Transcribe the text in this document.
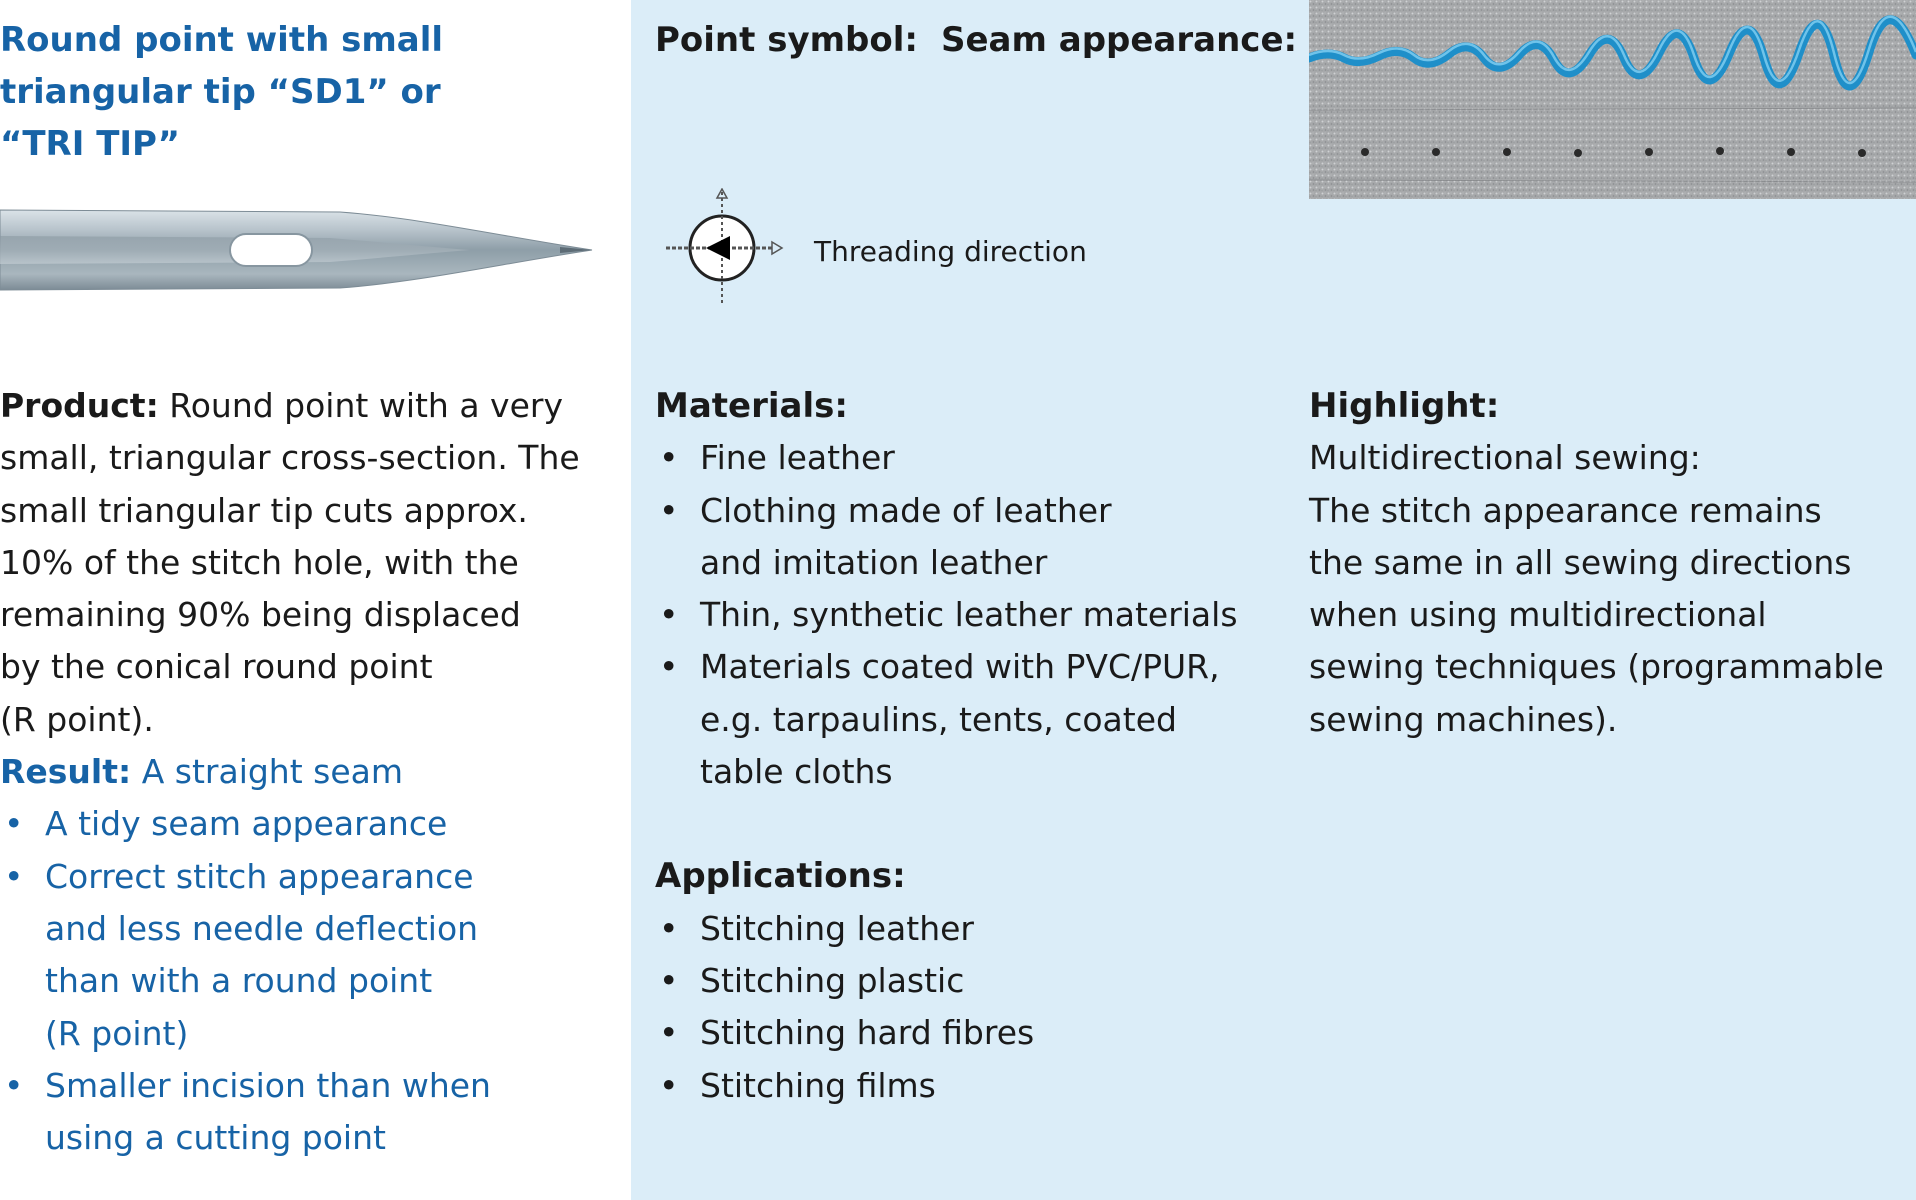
Round point with small
triangular tip “SD1” or
“TRI TIP”
Product: Round point with a very
small, triangular cross-section. The
small triangular tip cuts approx.
10% of the stitch hole, with the
remaining 90% being displaced
by the conical round point
(R point).
Result: A straight seam
• A tidy seam appearance
• Correct stitch appearance
and less needle deflection
than with a round point
(R point)
• Smaller incision than when
using a cutting point
Point symbol: Seam appearance:
Threading direction
Materials:
• Fine leather
• Clothing made of leather
and imitation leather
• Thin, synthetic leather materials
• Materials coated with PVC/PUR,
e.g. tarpaulins, tents, coated
table cloths
Applications:
• Stitching leather
• Stitching plastic
• Stitching hard fibres
• Stitching films
Highlight:
Multidirectional sewing:
The stitch appearance remains
the same in all sewing directions
when using multidirectional
sewing techniques (programmable
sewing machines).
